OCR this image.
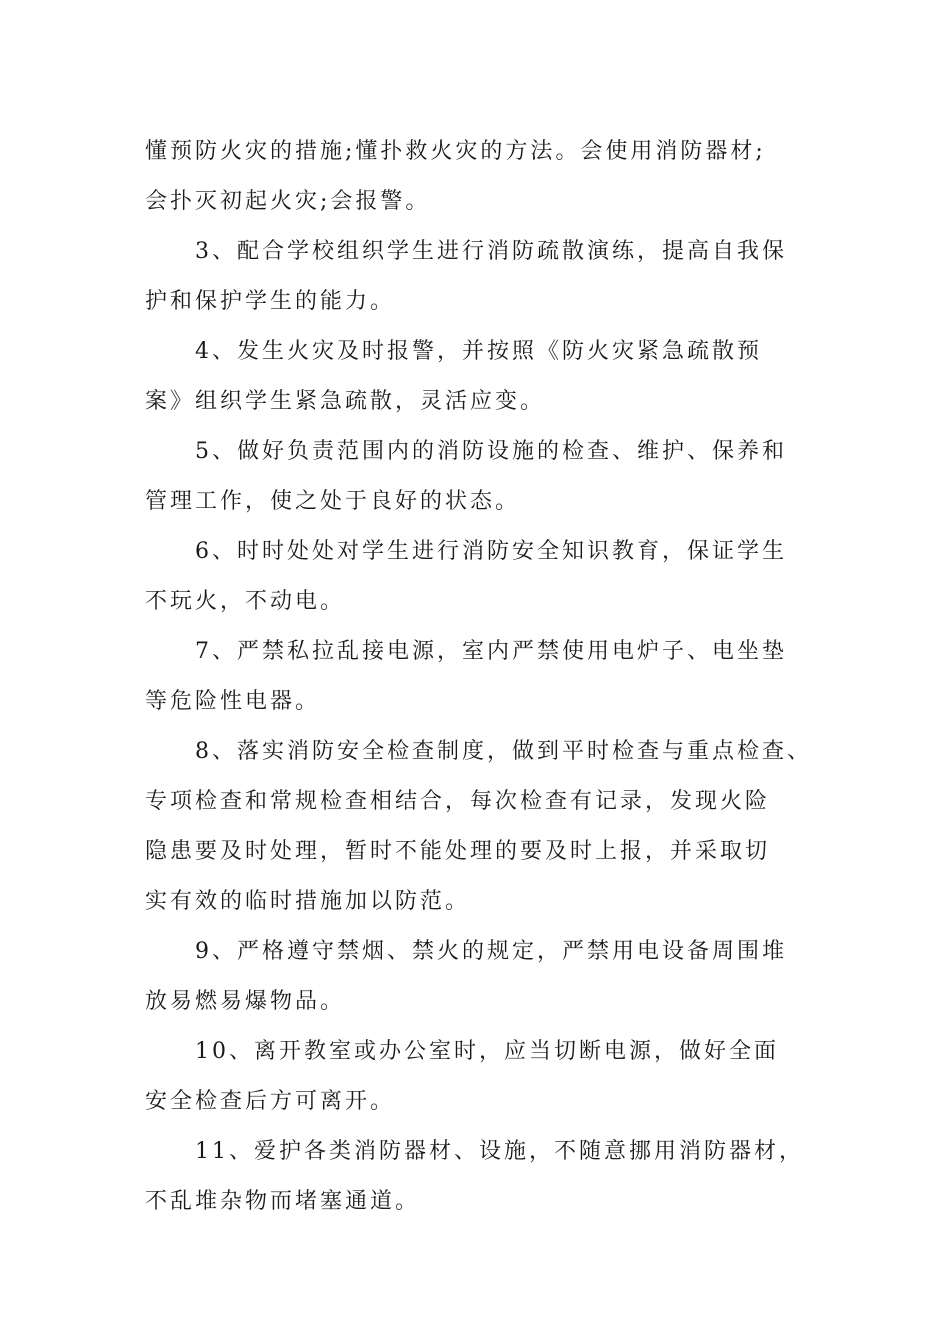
懂预防火灾的措施;懂扑救火灾的方法。会使用消防器材;
会扑灭初起火灾;会报警。
3、配合学校组织学生进行消防疏散演练，提高自我保
护和保护学生的能力。
4、发生火灾及时报警，并按照《防火灾紧急疏散预
案》组织学生紧急疏散，灵活应变。
5、做好负责范围内的消防设施的检查、维护、保养和
管理工作，使之处于良好的状态。
6、时时处处对学生进行消防安全知识教育，保证学生
不玩火，不动电。
7、严禁私拉乱接电源，室内严禁使用电炉子、电坐垫
等危险性电器。
8、落实消防安全检查制度，做到平时检查与重点检查、
专项检查和常规检查相结合，每次检查有记录，发现火险
隐患要及时处理，暂时不能处理的要及时上报，并采取切
实有效的临时措施加以防范。
9、严格遵守禁烟、禁火的规定，严禁用电设备周围堆
放易燃易爆物品。
10、离开教室或办公室时，应当切断电源，做好全面
安全检查后方可离开。
11、爱护各类消防器材、设施，不随意挪用消防器材，
不乱堆杂物而堵塞通道。
